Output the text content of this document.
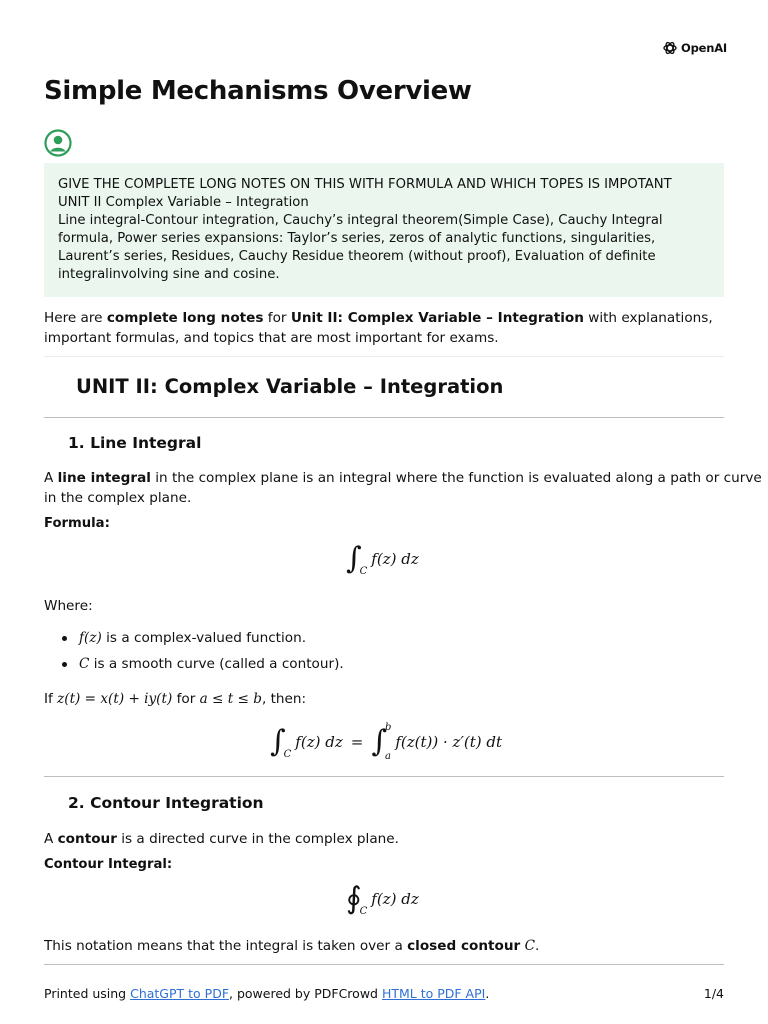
OpenAI
Simple Mechanisms Overview
GIVE THE COMPLETE LONG NOTES ON THIS WITH FORMULA AND WHICH TOPES IS IMPOTANT
UNIT II Complex Variable – Integration
Line integral-Contour integration, Cauchy’s integral theorem(Simple Case), Cauchy Integral
formula, Power series expansions: Taylor’s series, zeros of analytic functions, singularities,
Laurent’s series, Residues, Cauchy Residue theorem (without proof), Evaluation of definite
integralinvolving sine and cosine.
Here are complete long notes for Unit II: Complex Variable – Integration with explanations,
important formulas, and topics that are most important for exams.
UNIT II: Complex Variable – Integration
1. Line Integral
A line integral in the complex plane is an integral where the function is evaluated along a path or curve
in the complex plane.
Formula:
∫
C
f(z) dz
Where:
f(z) is a complex-valued function.
C is a smooth curve (called a contour).
If z(t) = x(t) + iy(t) for a ≤ t ≤ b, then:
∫
C
f(z) dz = ∫
b
a
f(z(t)) · z′(t) dt
2. Contour Integration
A contour is a directed curve in the complex plane.
Contour Integral:
∮
C
f(z) dz
This notation means that the integral is taken over a closed contour C.
Printed using ChatGPT to PDF, powered by PDFCrowd HTML to PDF API.	1/4
